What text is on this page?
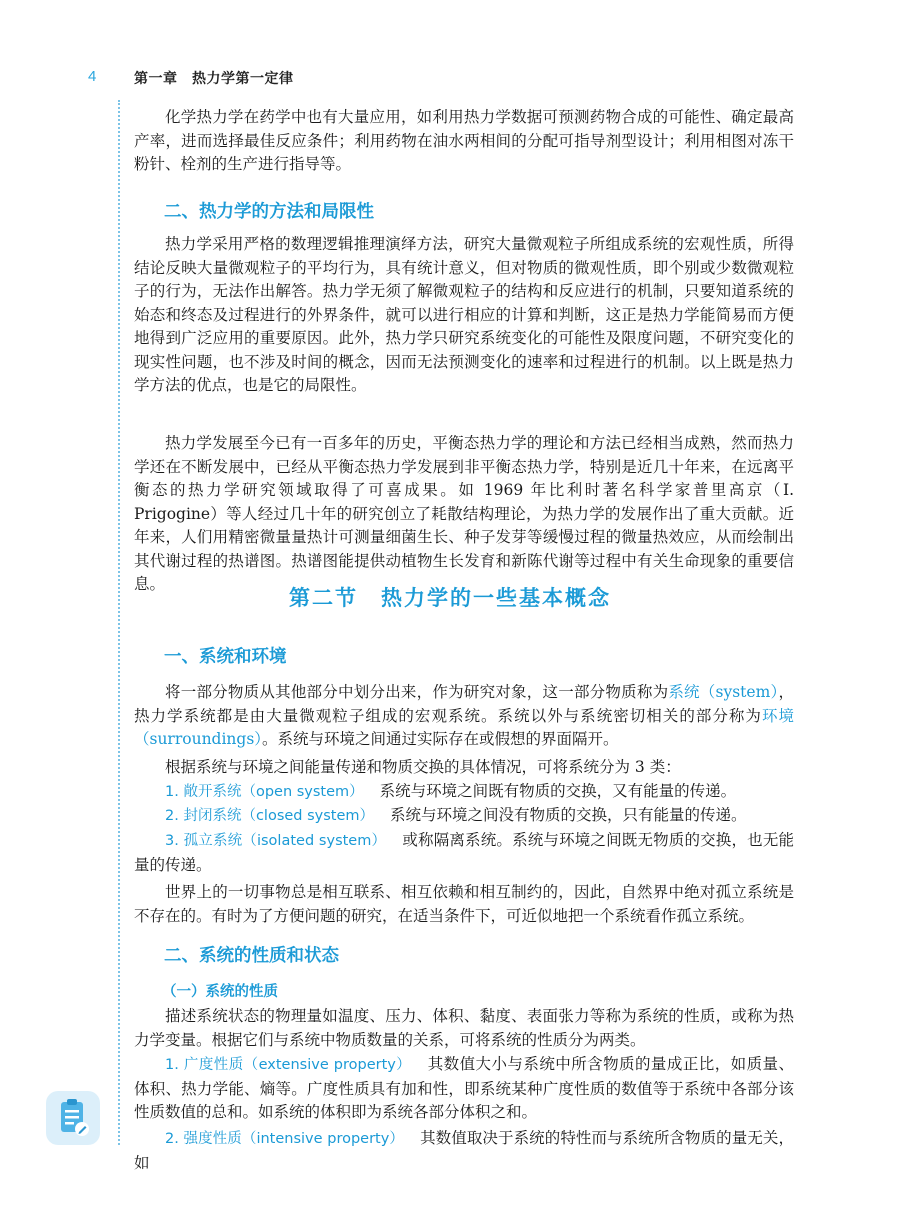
4	第一章　热力学第一定律

化学热力学在药学中也有大量应用，如利用热力学数据可预测药物合成的可能性、确定最高产率，进而选择最佳反应条件；利用药物在油水两相间的分配可指导剂型设计；利用相图对冻干粉针、栓剂的生产进行指导等。

二、热力学的方法和局限性

热力学采用严格的数理逻辑推理演绎方法，研究大量微观粒子所组成系统的宏观性质，所得结论反映大量微观粒子的平均行为，具有统计意义，但对物质的微观性质，即个别或少数微观粒子的行为，无法作出解答。热力学无须了解微观粒子的结构和反应进行的机制，只要知道系统的始态和终态及过程进行的外界条件，就可以进行相应的计算和判断，这正是热力学能简易而方便地得到广泛应用的重要原因。此外，热力学只研究系统变化的可能性及限度问题，不研究变化的现实性问题，也不涉及时间的概念，因而无法预测变化的速率和过程进行的机制。以上既是热力学方法的优点，也是它的局限性。

热力学发展至今已有一百多年的历史，平衡态热力学的理论和方法已经相当成熟，然而热力学还在不断发展中，已经从平衡态热力学发展到非平衡态热力学，特别是近几十年来，在远离平衡态的热力学研究领域取得了可喜成果。如 1969 年比利时著名科学家普里高京（I. Prigogine）等人经过几十年的研究创立了耗散结构理论，为热力学的发展作出了重大贡献。近年来，人们用精密微量量热计可测量细菌生长、种子发芽等缓慢过程的微量热效应，从而绘制出其代谢过程的热谱图。热谱图能提供动植物生长发育和新陈代谢等过程中有关生命现象的重要信息。

第二节　热力学的一些基本概念
一、系统和环境

将一部分物质从其他部分中划分出来，作为研究对象，这一部分物质称为系统（system），热力学系统都是由大量微观粒子组成的宏观系统。系统以外与系统密切相关的部分称为环境（surroundings）。系统与环境之间通过实际存在或假想的界面隔开。

根据系统与环境之间能量传递和物质交换的具体情况，可将系统分为 3 类：

1. 敞开系统（open system） 系统与环境之间既有物质的交换，又有能量的传递。

2. 封闭系统（closed system） 系统与环境之间没有物质的交换，只有能量的传递。

3. 孤立系统（isolated system） 或称隔离系统。系统与环境之间既无物质的交换，也无能量的传递。

世界上的一切事物总是相互联系、相互依赖和相互制约的，因此，自然界中绝对孤立系统是不存在的。有时为了方便问题的研究，在适当条件下，可近似地把一个系统看作孤立系统。

二、系统的性质和状态
（一）系统的性质

描述系统状态的物理量如温度、压力、体积、黏度、表面张力等称为系统的性质，或称为热力学变量。根据它们与系统中物质数量的关系，可将系统的性质分为两类。

1. 广度性质（extensive property） 其数值大小与系统中所含物质的量成正比，如质量、体积、热力学能、熵等。广度性质具有加和性，即系统某种广度性质的数值等于系统中各部分该性质数值的总和。如系统的体积即为系统各部分体积之和。

2. 强度性质（intensive property） 其数值取决于系统的特性而与系统所含物质的量无关，如
